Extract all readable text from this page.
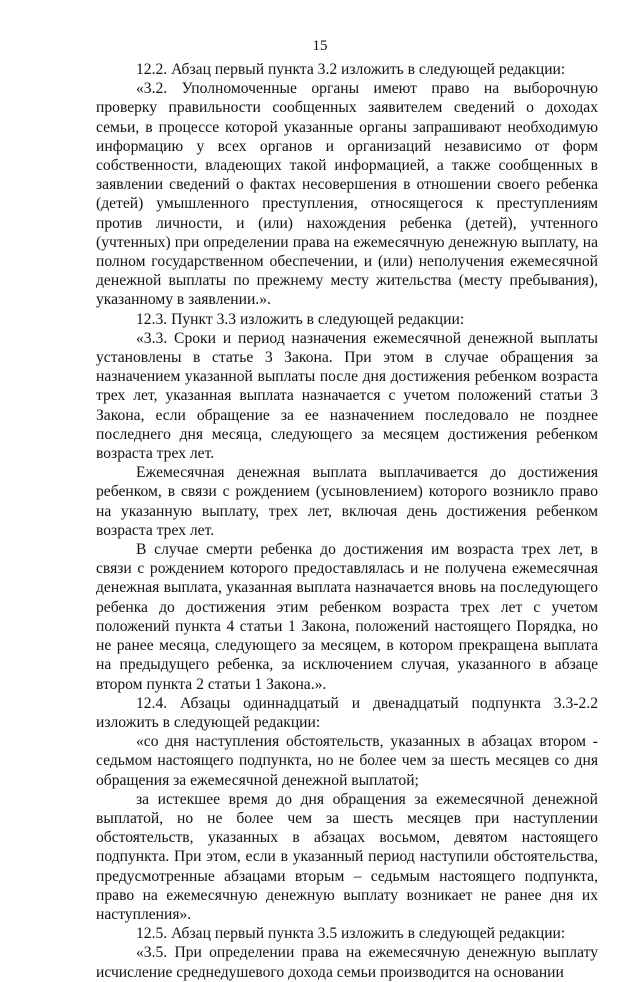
15

12.2. Абзац первый пункта 3.2 изложить в следующей редакции:

«3.2. Уполномоченные органы имеют право на выборочную проверку правильности сообщенных заявителем сведений о доходах семьи, в процессе которой указанные органы запрашивают необходимую информацию у всех органов и организаций независимо от форм собственности, владеющих такой информацией, а также сообщенных в заявлении сведений о фактах несовершения в отношении своего ребенка (детей) умышленного преступления, относящегося к преступлениям против личности, и (или) нахождения ребенка (детей), учтенного (учтенных) при определении права на ежемесячную денежную выплату, на полном государственном обеспечении, и (или) неполучения ежемесячной денежной выплаты по прежнему месту жительства (месту пребывания), указанному в заявлении.».

12.3. Пункт 3.3 изложить в следующей редакции:

«3.3. Сроки и период назначения ежемесячной денежной выплаты установлены в статье 3 Закона. При этом в случае обращения за назначением указанной выплаты после дня достижения ребенком возраста трех лет, указанная выплата назначается с учетом положений статьи 3 Закона, если обращение за ее назначением последовало не позднее последнего дня месяца, следующего за месяцем достижения ребенком возраста трех лет.

Ежемесячная денежная выплата выплачивается до достижения ребенком, в связи с рождением (усыновлением) которого возникло право на указанную выплату, трех лет, включая день достижения ребенком возраста трех лет.

В случае смерти ребенка до достижения им возраста трех лет, в связи с рождением которого предоставлялась и не получена ежемесячная денежная выплата, указанная выплата назначается вновь на последующего ребенка до достижения этим ребенком возраста трех лет с учетом положений пункта 4 статьи 1 Закона, положений настоящего Порядка, но не ранее месяца, следующего за месяцем, в котором прекращена выплата на предыдущего ребенка, за исключением случая, указанного в абзаце втором пункта 2 статьи 1 Закона.».

12.4. Абзацы одиннадцатый и двенадцатый подпункта 3.3-2.2 изложить в следующей редакции:

«со дня наступления обстоятельств, указанных в абзацах втором - седьмом настоящего подпункта, но не более чем за шесть месяцев со дня обращения за ежемесячной денежной выплатой;

за истекшее время до дня обращения за ежемесячной денежной выплатой, но не более чем за шесть месяцев при наступлении обстоятельств, указанных в абзацах восьмом, девятом настоящего подпункта. При этом, если в указанный период наступили обстоятельства, предусмотренные абзацами вторым – седьмым настоящего подпункта, право на ежемесячную денежную выплату возникает не ранее дня их наступления».

12.5. Абзац первый пункта 3.5 изложить в следующей редакции:

«3.5. При определении права на ежемесячную денежную выплату исчисление среднедушевого дохода семьи производится на основании
